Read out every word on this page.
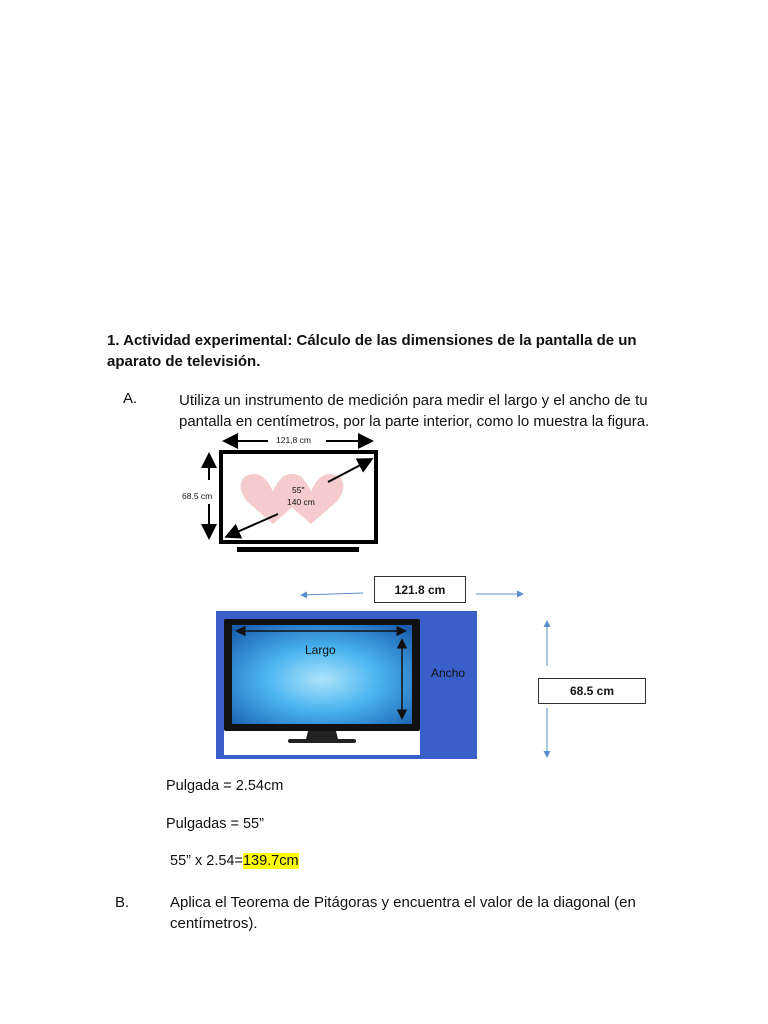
1. Actividad experimental: Cálculo de las dimensiones de la pantalla de un aparato de televisión.
A.	Utiliza un instrumento de medición para medir el largo y el ancho de tu pantalla en centímetros, por la parte interior, como lo muestra la figura.
121,8 cm
68.5 cm
55"
140 cm
Largo
Ancho
121.8 cm
68.5 cm
Pulgada = 2.54cm
Pulgadas = 55”
55” x 2.54=139.7cm
B.	Aplica el Teorema de Pitágoras y encuentra el valor de la diagonal (en centímetros).
